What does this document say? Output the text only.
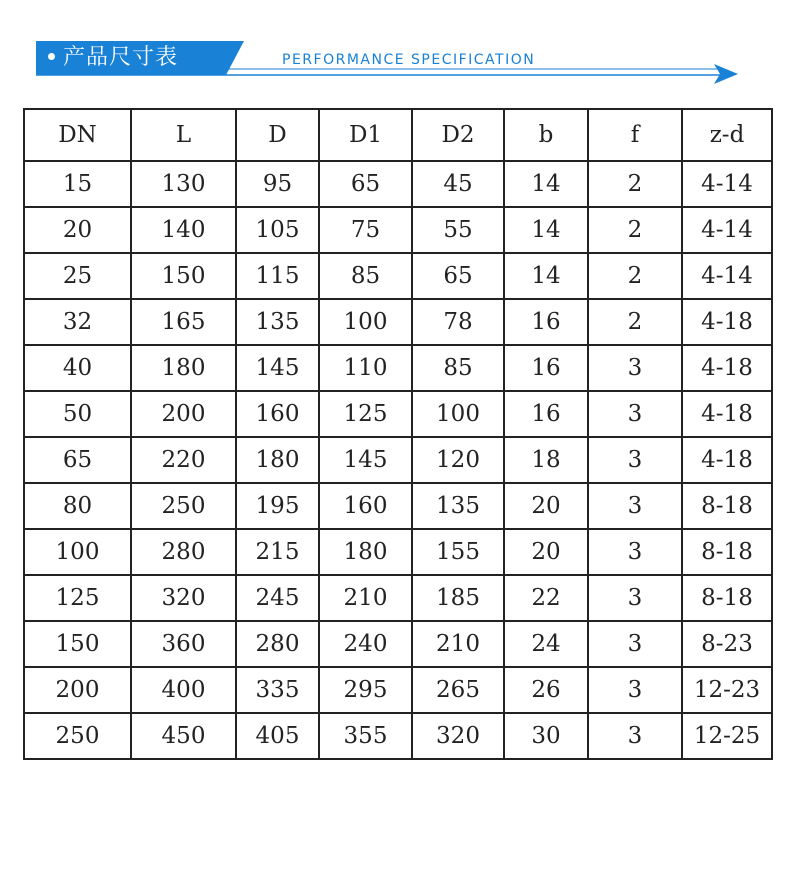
产品尺寸表	PERFORMANCE SPECIFICATION
DN	L	D	D1	D2	b	f	z-d
15	130	95	65	45	14	2	4-14
20	140	105	75	55	14	2	4-14
25	150	115	85	65	14	2	4-14
32	165	135	100	78	16	2	4-18
40	180	145	110	85	16	3	4-18
50	200	160	125	100	16	3	4-18
65	220	180	145	120	18	3	4-18
80	250	195	160	135	20	3	8-18
100	280	215	180	155	20	3	8-18
125	320	245	210	185	22	3	8-18
150	360	280	240	210	24	3	8-23
200	400	335	295	265	26	3	12-23
250	450	405	355	320	30	3	12-25
